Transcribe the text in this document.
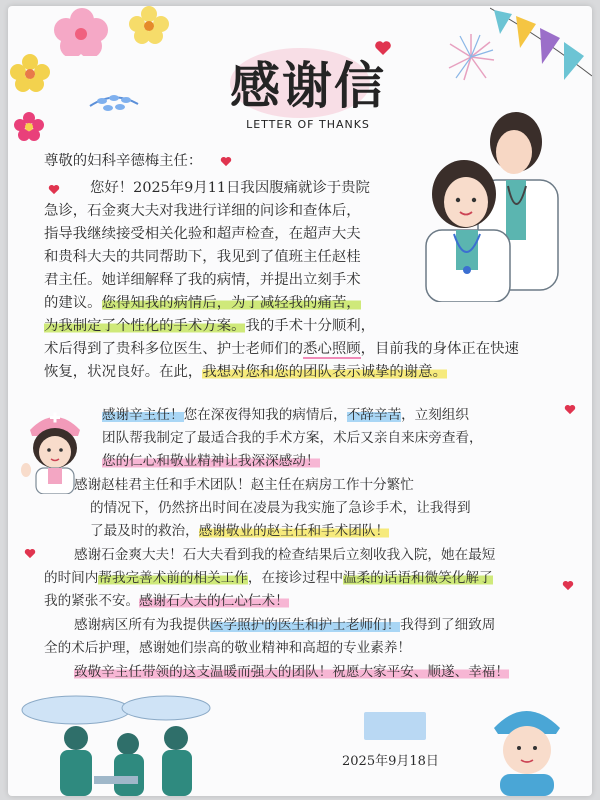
感谢信
LETTER OF THANKS
尊敬的妇科辛德梅主任：
您好！2025年9月11日我因腹痛就诊于贵院
急诊，石金爽大夫对我进行详细的问诊和查体后，
指导我继续接受相关化验和超声检查，在超声大夫
和贵科大夫的共同帮助下，我见到了值班主任赵桂
君主任。她详细解释了我的病情，并提出立刻手术
的建议。您得知我的病情后，为了减轻我的痛苦，
为我制定了个性化的手术方案。我的手术十分顺利，
术后得到了贵科多位医生、护士老师们的悉心照顾，目前我的身体正在快速
恢复，状况良好。在此，我想对您和您的团队表示诚挚的谢意。
感谢辛主任！您在深夜得知我的病情后，不辞辛苦，立刻组织
团队帮我制定了最适合我的手术方案，术后又亲自来床旁查看，
您的仁心和敬业精神让我深深感动！
感谢赵桂君主任和手术团队！赵主任在病房工作十分繁忙
的情况下，仍然挤出时间在凌晨为我实施了急诊手术，让我得到
了最及时的救治，感谢敬业的赵主任和手术团队！
感谢石金爽大夫！石大夫看到我的检查结果后立刻收我入院，她在最短
的时间内帮我完善术前的相关工作，在接诊过程中温柔的话语和微笑化解了
我的紧张不安。感谢石大夫的仁心仁术！
感谢病区所有为我提供医学照护的医生和护士老师们！我得到了细致周
全的术后护理，感谢她们崇高的敬业精神和高超的专业素养！
致敬辛主任带领的这支温暖而强大的团队！祝愿大家平安、顺遂、幸福！
2025年9月18日
